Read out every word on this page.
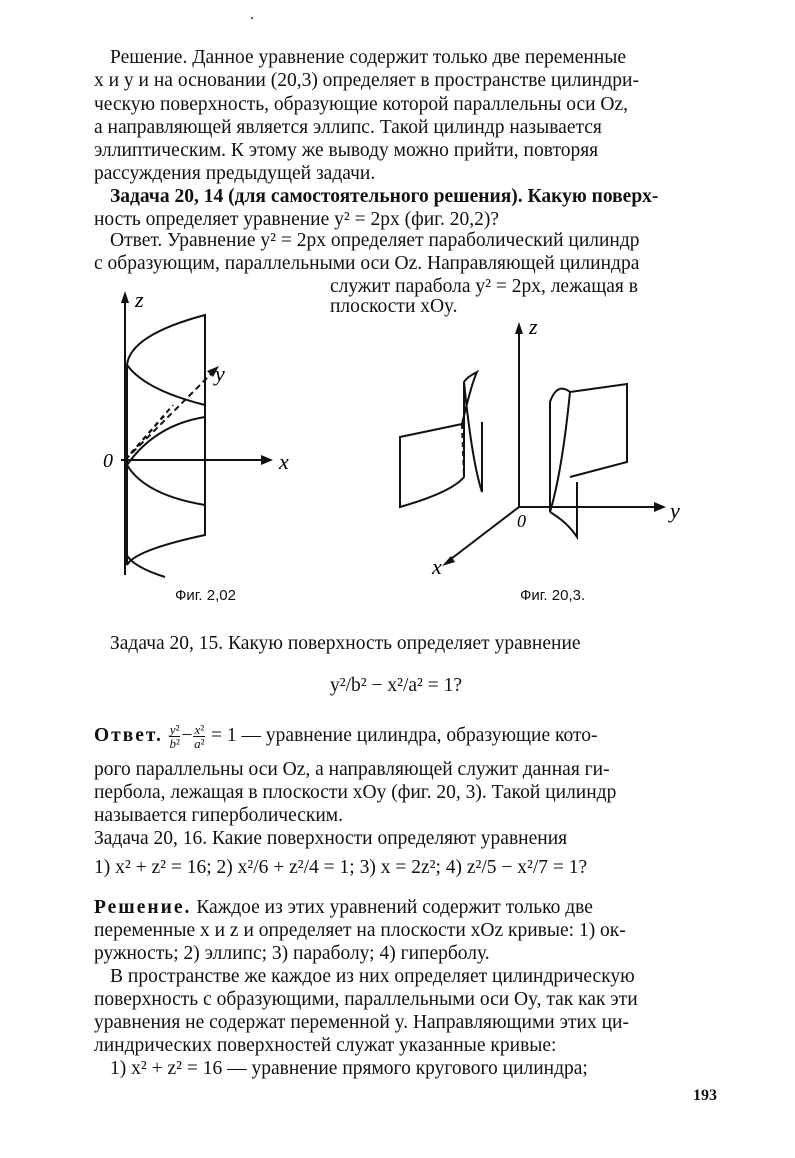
.
Решение. Данное уравнение содержит только две переменные
x и y и на основании (20,3) определяет в пространстве цилиндри-
ческую поверхность, образующие которой параллельны оси Oz,
а направляющей является эллипс. Такой цилиндр называется
эллиптическим. К этому же выводу можно прийти, повторяя
рассуждения предыдущей задачи.
Задача 20, 14 (для самостоятельного решения). Какую поверх-
ность определяет уравнение y² = 2px (фиг. 20,2)?
Ответ. Уравнение y² = 2px определяет параболический цилиндр
с образующим, параллельными оси Oz. Направляющей цилиндра
служит парабола y² = 2px, лежащая в
плоскости xOy.
z
y
x
0
Фиг. 2,02
z
y
x
0
Фиг. 20,3.
Задача 20, 15. Какую поверхность определяет уравнение
y²/b² − x²/a² = 1?
Ответ. $\frac{\text{y²}}{\text{b²}} - \frac{\text{x²}}{\text{a²}} = 1$ — уравнение цилиндра, образующие кото-
рого параллельны оси Oz, а направляющей служит данная ги-
пербола, лежащая в плоскости xOy (фиг. 20, 3). Такой цилиндр
называется гиперболическим.
Задача 20, 16. Какие поверхности определяют уравнения
1) x² + z² = 16; 2) x²/6 + z²/4 = 1; 3) x = 2z²; 4) z²/5 − x²/7 = 1?
Решение. Каждое из этих уравнений содержит только две
переменные x и z и определяет на плоскости xOz кривые: 1) ок-
ружность; 2) эллипс; 3) параболу; 4) гиперболу.
В пространстве же каждое из них определяет цилиндрическую
поверхность с образующими, параллельными оси Oy, так как эти
уравнения не содержат переменной y. Направляющими этих ци-
линдрических поверхностей служат указанные кривые:
1) x² + z² = 16 — уравнение прямого кругового цилиндра;
193
